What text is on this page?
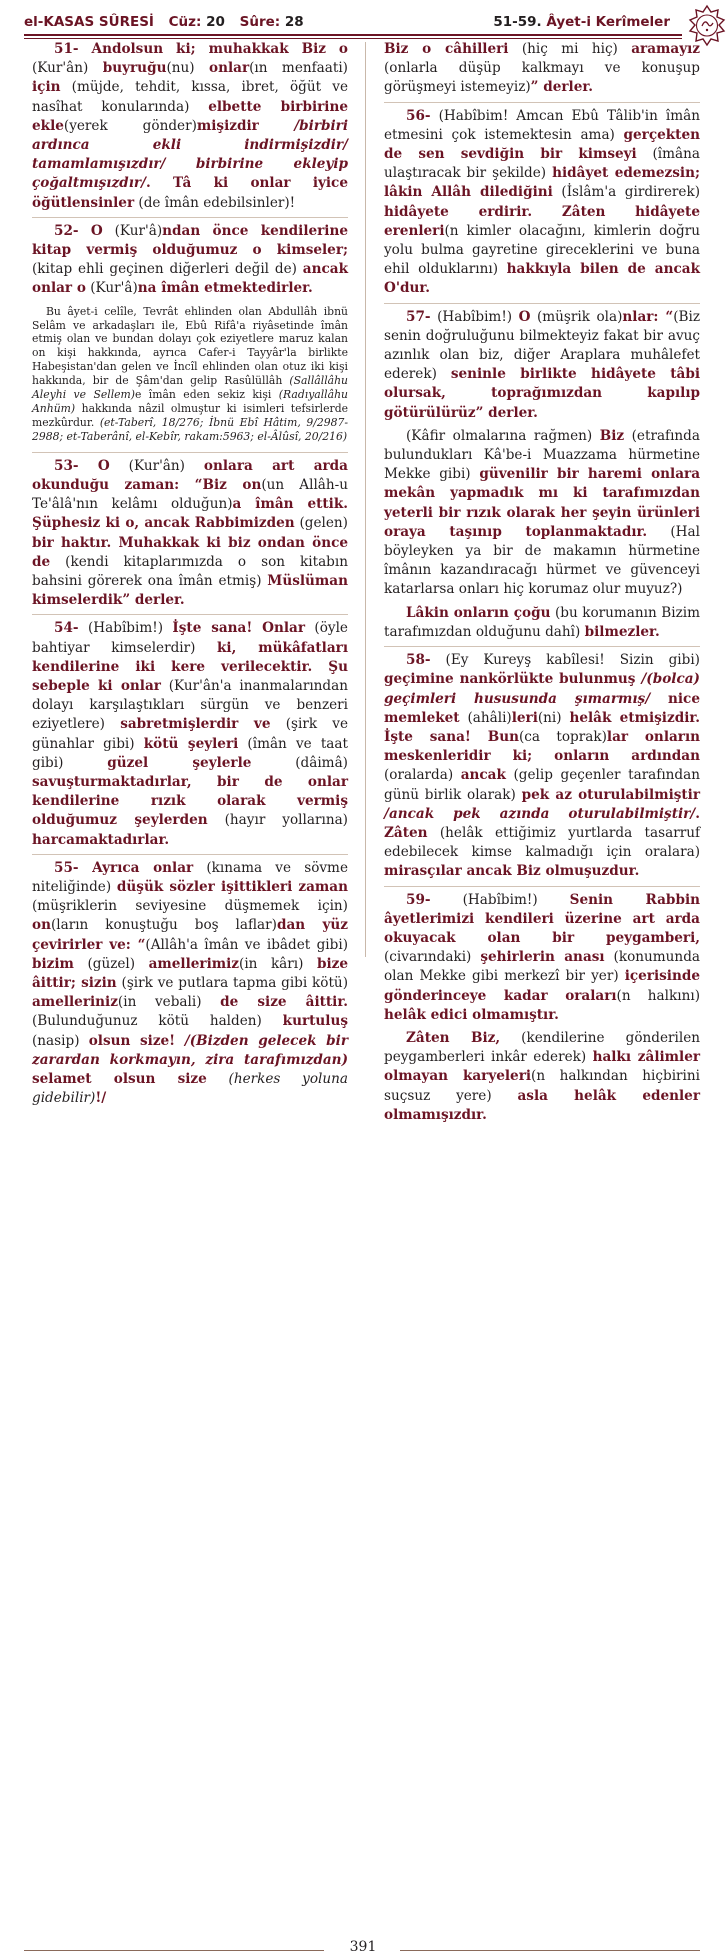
el-KASAS SÛRESİ Cüz: 20 Sûre: 28	51-59. Âyet-i Kerîmeler

51- Andolsun ki; muhakkak Biz o (Kur'ân) buyruğu(nu) onlar(ın menfaati) için (müjde, tehdit, kıssa, ibret, öğüt ve nasîhat konularında) elbette birbirine ekle(yerek gönder)mişizdir /birbiri ardınca ekli indirmişizdir/ tamamlamışızdır/ birbirine ekleyip çoğaltmışızdır/. Tâ ki onlar iyice öğütlensinler (de îmân edebilsinler)!

52- O (Kur'â)ndan önce kendilerine kitap vermiş olduğumuz o kimseler; (kitap ehli geçinen diğerleri değil de) ancak onlar o (Kur'â)na îmân etmektedirler.

Bu âyet-i celîle, Tevrât ehlinden olan Abdullâh ibnü Selâm ve arkadaşları ile, Ebû Rifâ'a riyâsetinde îmân etmiş olan ve bundan dolayı çok eziyetlere maruz kalan on kişi hakkında, ayrıca Cafer-i Tayyâr'la birlikte Habeşistan'dan gelen ve İncîl ehlinden olan otuz iki kişi hakkında, bir de Şâm'dan gelip Rasûlüllâh (Sallâllâhu Aleyhi ve Sellem)e îmân eden sekiz kişi (Radıyallâhu Anhüm) hakkında nâzil olmuştur ki isimleri tefsirlerde mezkûrdur. (et-Taberî, 18/276; İbnü Ebî Hâtim, 9/2987-2988; et-Taberânî, el-Kebîr, rakam:5963; el-Âlûsî, 20/216)

53- O (Kur'ân) onlara art arda okunduğu zaman: “Biz on(un Allâh-u Te'âlâ'nın kelâmı olduğun)a îmân ettik. Şüphesiz ki o, ancak Rabbimizden (gelen) bir haktır. Muhakkak ki biz ondan önce de (kendi kitaplarımızda o son kitabın bahsini görerek ona îmân etmiş) Müslüman kimselerdik” derler.

54- (Habîbim!) İşte sana! Onlar (öyle bahtiyar kimselerdir) ki, mükâfatları kendilerine iki kere verilecektir. Şu sebeple ki onlar (Kur'ân'a inanmalarından dolayı karşılaştıkları sürgün ve benzeri eziyetlere) sabretmişlerdir ve (şirk ve günahlar gibi) kötü şeyleri (îmân ve taat gibi) güzel şeylerle (dâimâ) savuşturmaktadırlar, bir de onlar kendilerine rızık olarak vermiş olduğumuz şeylerden (hayır yollarına) harcamaktadırlar.

55- Ayrıca onlar (kınama ve sövme niteliğinde) düşük sözler işittikleri zaman (müşriklerin seviyesine düşmemek için) on(ların konuştuğu boş laflar)dan yüz çevirirler ve: “(Allâh'a îmân ve ibâdet gibi) bizim (güzel) amellerimiz(in kârı) bize âittir; sizin (şirk ve putlara tapma gibi kötü) amelleriniz(in vebali) de size âittir. (Bulunduğunuz kötü halden) kurtuluş (nasip) olsun size! /(Bizden gelecek bir zarardan korkmayın, zira tarafımızdan) selamet olsun size (herkes yoluna gidebilir)!/

Biz o câhilleri (hiç mi hiç) aramayız (onlarla düşüp kalkmayı ve konuşup görüşmeyi istemeyiz)” derler.

56- (Habîbim! Amcan Ebû Tâlib'in îmân etmesini çok istemektesin ama) gerçekten de sen sevdiğin bir kimseyi (îmâna ulaştıracak bir şekilde) hidâyet edemezsin; lâkin Allâh dilediğini (İslâm'a girdirerek) hidâyete erdirir. Zâten hidâyete erenleri(n kimler olacağını, kimlerin doğru yolu bulma gayretine gireceklerini ve buna ehil olduklarını) hakkıyla bilen de ancak O'dur.

57- (Habîbim!) O (müşrik ola)nlar: “(Biz senin doğruluğunu bilmekteyiz fakat bir avuç azınlık olan biz, diğer Araplara muhâlefet ederek) seninle birlikte hidâyete tâbi olursak, toprağımızdan kapılıp götürülürüz” derler.

(Kâfir olmalarına rağmen) Biz (etrafında bulundukları Kâ'be-i Muazzama hürmetine Mekke gibi) güvenilir bir haremi onlara mekân yapmadık mı ki tarafımızdan yeterli bir rızık olarak her şeyin ürünleri oraya taşınıp toplanmaktadır. (Hal böyleyken ya bir de makamın hürmetine îmânın kazandıracağı hürmet ve güvenceyi katarlarsa onları hiç korumaz olur muyuz?)

Lâkin onların çoğu (bu korumanın Bizim tarafımızdan olduğunu dahî) bilmezler.

58- (Ey Kureyş kabîlesi! Sizin gibi) geçimine nankörlükte bulunmuş /(bolca) geçimleri hususunda şımarmış/ nice memleket (ahâli)leri(ni) helâk etmişizdir. İşte sana! Bun(ca toprak)lar onların meskenleridir ki; onların ardından (oralarda) ancak (gelip geçenler tarafından günü birlik olarak) pek az oturulabilmiştir /ancak pek azında oturulabilmiştir/. Zâten (helâk ettiğimiz yurtlarda tasarruf edebilecek kimse kalmadığı için oralara) mirasçılar ancak Biz olmuşuzdur.

59- (Habîbim!) Senin Rabbin âyetlerimizi kendileri üzerine art arda okuyacak olan bir peygamberi, (civarındaki) şehirlerin anası (konumunda olan Mekke gibi merkezî bir yer) içerisinde gönderinceye kadar oraları(n halkını) helâk edici olmamıştır.

Zâten Biz, (kendilerine gönderilen peygamberleri inkâr ederek) halkı zâlimler olmayan karyeleri(n halkından hiçbirini suçsuz yere) asla helâk edenler olmamışızdır.

391
